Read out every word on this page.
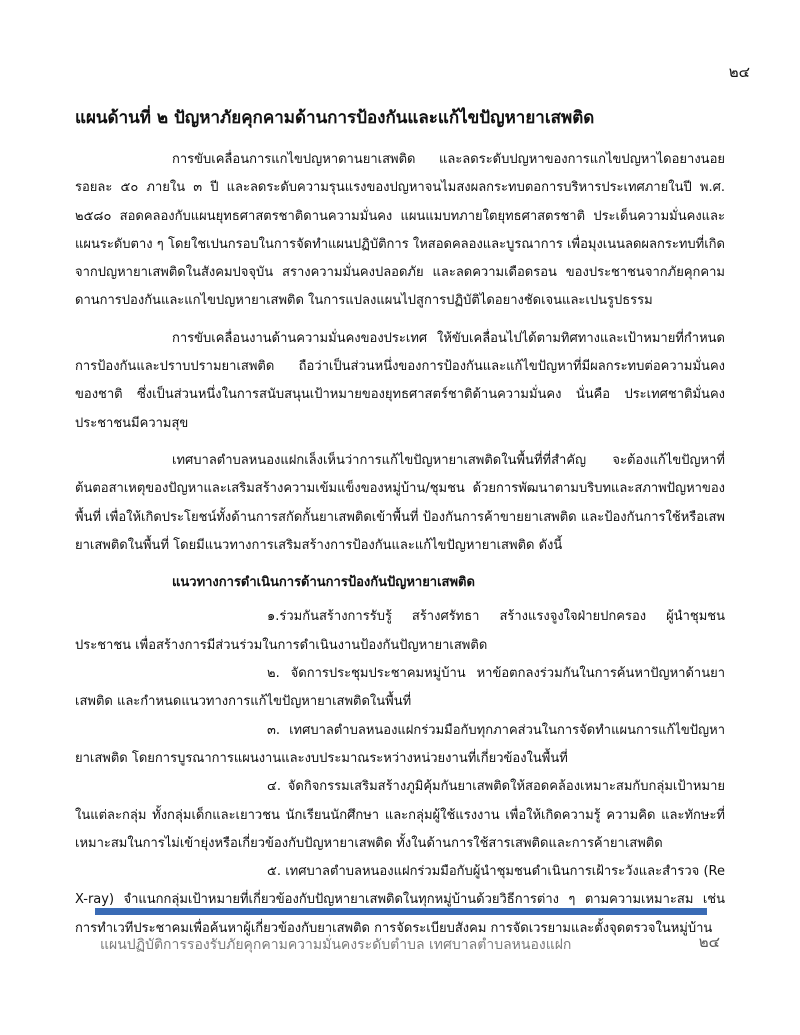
๒๔
แผนด้านที่ ๒ ปัญหาภัยคุกคามด้านการป้องกันและแก้ไขปัญหายาเสพติด

การขับเคลื่อนการแกไขปญหาดานยาเสพติด และลดระดับปญหาของการแกไขปญหาไดอยางนอยรอยละ ๕๐ ภายใน ๓ ปี และลดระดับความรุนแรงของปญหาจนไมสงผลกระทบตอการบริหารประเทศภายในปี พ.ศ. ๒๕๘๐ สอดคลองกับแผนยุทธศาสตรชาติดานความมั่นคง แผนแมบทภายใตยุทธศาสตรชาติ ประเด็นความมั่นคงและแผนระดับตาง ๆ โดยใชเปนกรอบในการจัดทําแผนปฏิบัติการ ใหสอดคลองและบูรณาการ เพื่อมุงเนนลดผลกระทบที่เกิดจากปญหายาเสพติดในสังคมปจจุบัน สรางความมั่นคงปลอดภัย และลดความเดือดรอน ของประชาชนจากภัยคุกคามดานการปองกันและแกไขปญหายาเสพติด ในการแปลงแผนไปสูการปฏิบัติไดอยางชัดเจนและเปนรูปธรรม

การขับเคลื่อนงานด้านความมั่นคงของประเทศ ให้ขับเคลื่อนไปได้ตามทิศทางและเป้าหมายที่กำหนด การป้องกันและปราบปรามยาเสพติด ถือว่าเป็นส่วนหนึ่งของการป้องกันและแก้ไขปัญหาที่มีผลกระทบต่อความมั่นคงของชาติ ซึ่งเป็นส่วนหนึ่งในการสนับสนุนเป้าหมายของยุทธศาสตร์ชาติด้านความมั่นคง นั่นคือ ประเทศชาติมั่นคง ประชาชนมีความสุข

เทศบาลตำบลหนองแฝกเล็งเห็นว่าการแก้ไขปัญหายาเสพติดในพื้นที่ที่สำคัญ จะต้องแก้ไขปัญหาที่ต้นตอสาเหตุของปัญหาและเสริมสร้างความเข้มแข็งของหมู่บ้าน/ชุมชน ด้วยการพัฒนาตามบริบทและสภาพปัญหาของพื้นที่ เพื่อให้เกิดประโยชน์ทั้งด้านการสกัดกั้นยาเสพติดเข้าพื้นที่ ป้องกันการค้าขายยาเสพติด และป้องกันการใช้หรือเสพยาเสพติดในพื้นที่ โดยมีแนวทางการเสริมสร้างการป้องกันและแก้ไขปัญหายาเสพติด ดังนี้

แนวทางการดำเนินการด้านการป้องกันปัญหายาเสพติด

๑.ร่วมกันสร้างการรับรู้ สร้างศรัทธา สร้างแรงจูงใจฝ่ายปกครอง ผู้นำชุมชน ประชาชน เพื่อสร้างการมีส่วนร่วมในการดำเนินงานป้องกันปัญหายาเสพติด

๒. จัดการประชุมประชาคมหมู่บ้าน หาข้อตกลงร่วมกันในการค้นหาปัญหาด้านยาเสพติด และกำหนดแนวทางการแก้ไขปัญหายาเสพติดในพื้นที่

๓. เทศบาลตำบลหนองแฝกร่วมมือกับทุกภาคส่วนในการจัดทำแผนการแก้ไขปัญหายาเสพติด โดยการบูรณาการแผนงานและงบประมาณระหว่างหน่วยงานที่เกี่ยวข้องในพื้นที่

๔. จัดกิจกรรมเสริมสร้างภูมิคุ้มกันยาเสพติดให้สอดคล้องเหมาะสมกับกลุ่มเป้าหมาย ในแต่ละกลุ่ม ทั้งกลุ่มเด็กและเยาวชน นักเรียนนักศึกษา และกลุ่มผู้ใช้แรงงาน เพื่อให้เกิดความรู้ ความคิด และทักษะที่เหมาะสมในการไม่เข้ายุ่งหรือเกี่ยวข้องกับปัญหายาเสพติด ทั้งในด้านการใช้สารเสพติดและการค้ายาเสพติด

๕. เทศบาลตำบลหนองแฝกร่วมมือกับผู้นำชุมชนดำเนินการเฝ้าระวังและสำรวจ (Re X-ray) จำแนกกลุ่มเป้าหมายที่เกี่ยวข้องกับปัญหายาเสพติดในทุกหมู่บ้านด้วยวิธีการต่าง ๆ ตามความเหมาะสม เช่น การทำเวทีประชาคมเพื่อค้นหาผู้เกี่ยวข้องกับยาเสพติด การจัดระเบียบสังคม การจัดเวรยามและตั้งจุดตรวจในหมู่บ้าน

แผนปฏิบัติการรองรับภัยคุกคามความมั่นคงระดับตำบล เทศบาลตำบลหนองแฝก	๒๔
